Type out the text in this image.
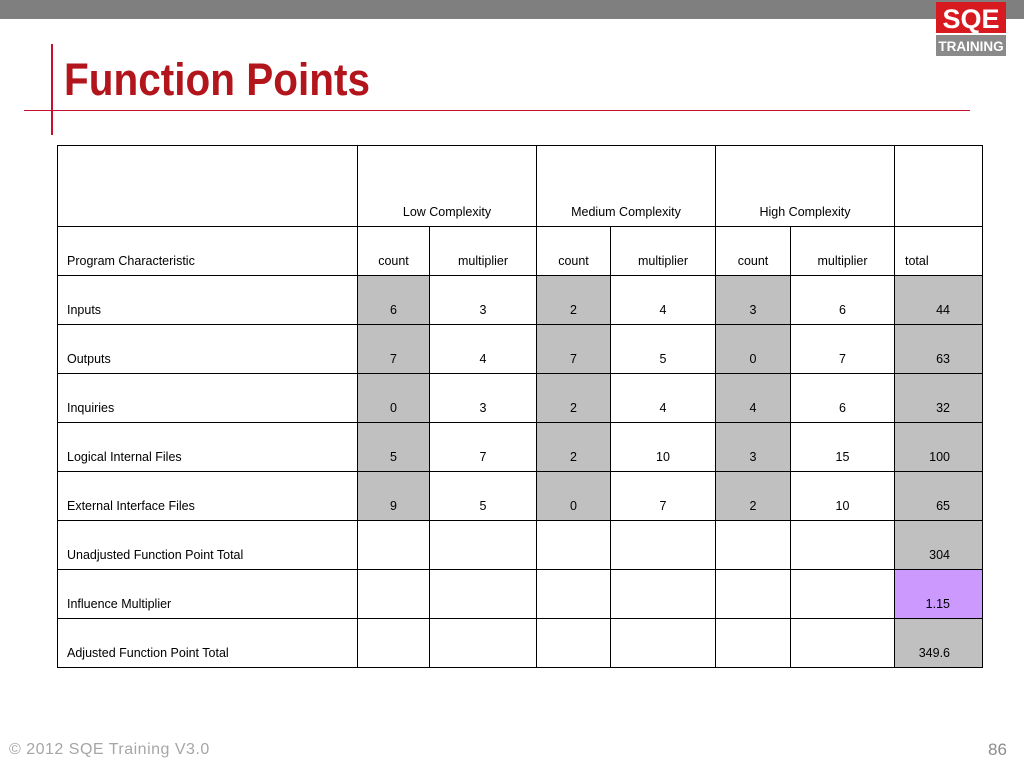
SQE
TRAINING
Function Points
	Low Complexity		Medium Complexity		High Complexity		
Program Characteristic	count	multiplier	count	multiplier	count	multiplier	total
Inputs	6	3	2	4	3	6	44
Outputs	7	4	7	5	0	7	63
Inquiries	0	3	2	4	4	6	32
Logical Internal Files	5	7	2	10	3	15	100
External Interface Files	9	5	0	7	2	10	65
Unadjusted Function Point Total							304
Influence Multiplier							1.15
Adjusted Function Point Total							349.6
© 2012 SQE Training V3.0	86
